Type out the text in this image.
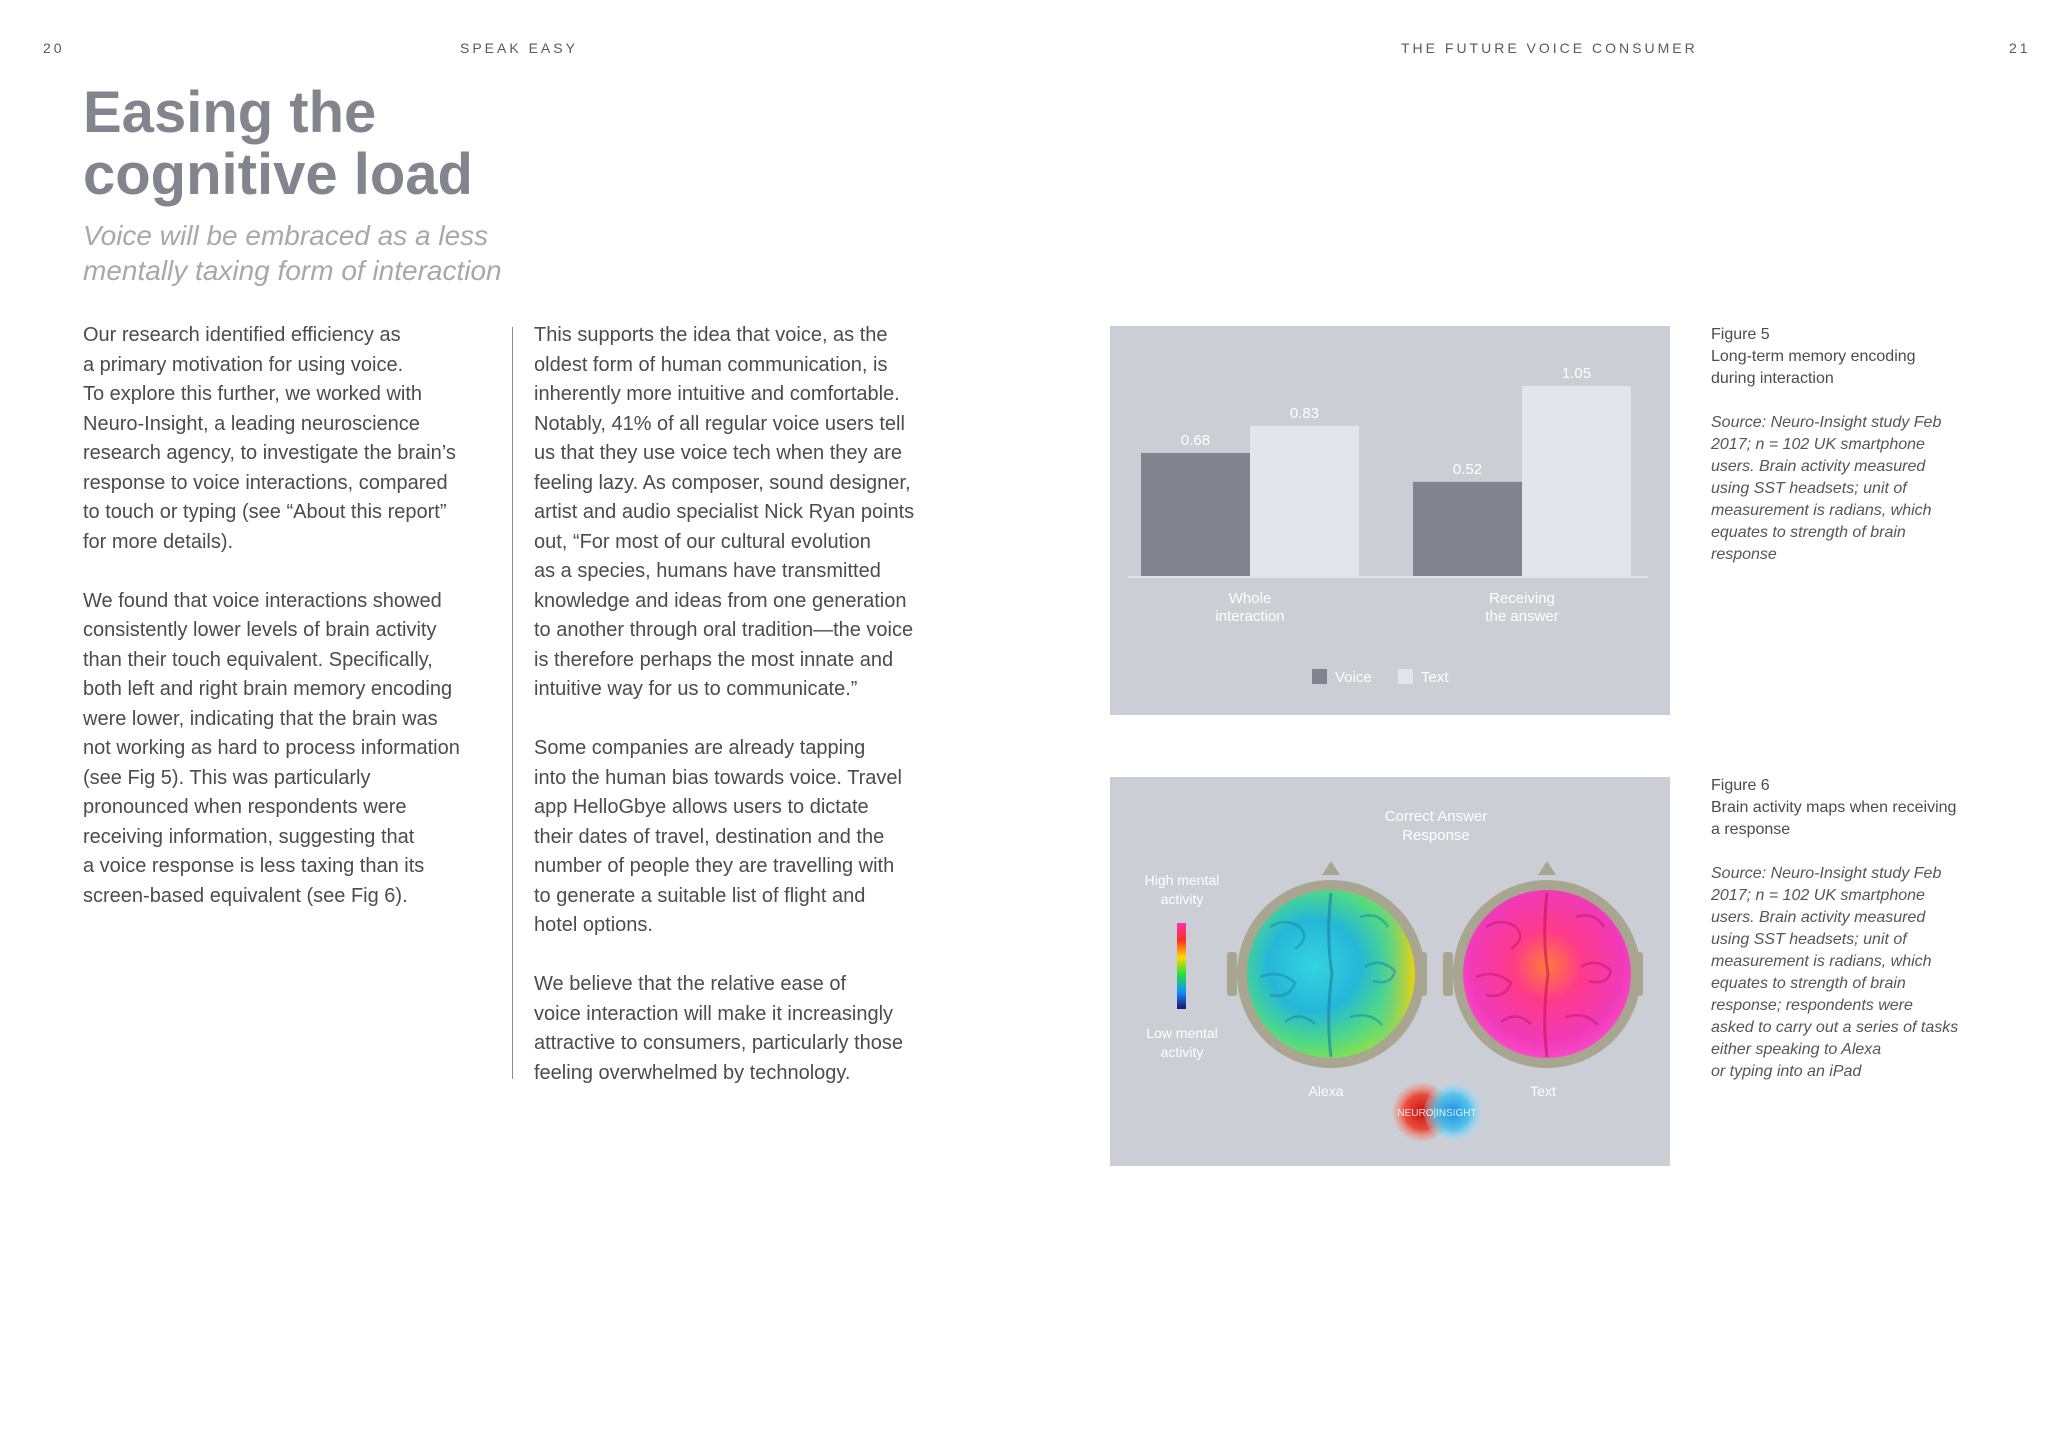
20	SPEAK EASY	THE FUTURE VOICE CONSUMER	21
Easing the
cognitive load
Voice will be embraced as a less
mentally taxing form of interaction

Our research identified efficiency as
a primary motivation for using voice.
To explore this further, we worked with
Neuro-Insight, a leading neuroscience
research agency, to investigate the brain’s
response to voice interactions, compared
to touch or typing (see “About this report”
for more details).

We found that voice interactions showed
consistently lower levels of brain activity
than their touch equivalent. Specifically,
both left and right brain memory encoding
were lower, indicating that the brain was
not working as hard to process information
(see Fig 5). This was particularly
pronounced when respondents were
receiving information, suggesting that
a voice response is less taxing than its
screen-based equivalent (see Fig 6).

This supports the idea that voice, as the
oldest form of human communication, is
inherently more intuitive and comfortable.
Notably, 41% of all regular voice users tell
us that they use voice tech when they are
feeling lazy. As composer, sound designer,
artist and audio specialist Nick Ryan points
out, “For most of our cultural evolution
as a species, humans have transmitted
knowledge and ideas from one generation
to another through oral tradition—the voice
is therefore perhaps the most innate and
intuitive way for us to communicate.”

Some companies are already tapping
into the human bias towards voice. Travel
app HelloGbye allows users to dictate
their dates of travel, destination and the
number of people they are travelling with
to generate a suitable list of flight and
hotel options.

We believe that the relative ease of
voice interaction will make it increasingly
attractive to consumers, particularly those
feeling overwhelmed by technology.

0.68
0.83
Whole
interaction
0.52
1.05
Receiving
the answer
Voice	Text
Correct Answer
Response
High mental
activity
Low mental
activity
Alexa	Text
NEURO|INSIGHT
Figure 5
Long-term memory encoding
during interaction
Source: Neuro-Insight study Feb
2017; n = 102 UK smartphone
users. Brain activity measured
using SST headsets; unit of
measurement is radians, which
equates to strength of brain
response
Figure 6
Brain activity maps when receiving
a response
Source: Neuro-Insight study Feb
2017; n = 102 UK smartphone
users. Brain activity measured
using SST headsets; unit of
measurement is radians, which
equates to strength of brain
response; respondents were
asked to carry out a series of tasks
either speaking to Alexa
or typing into an iPad
